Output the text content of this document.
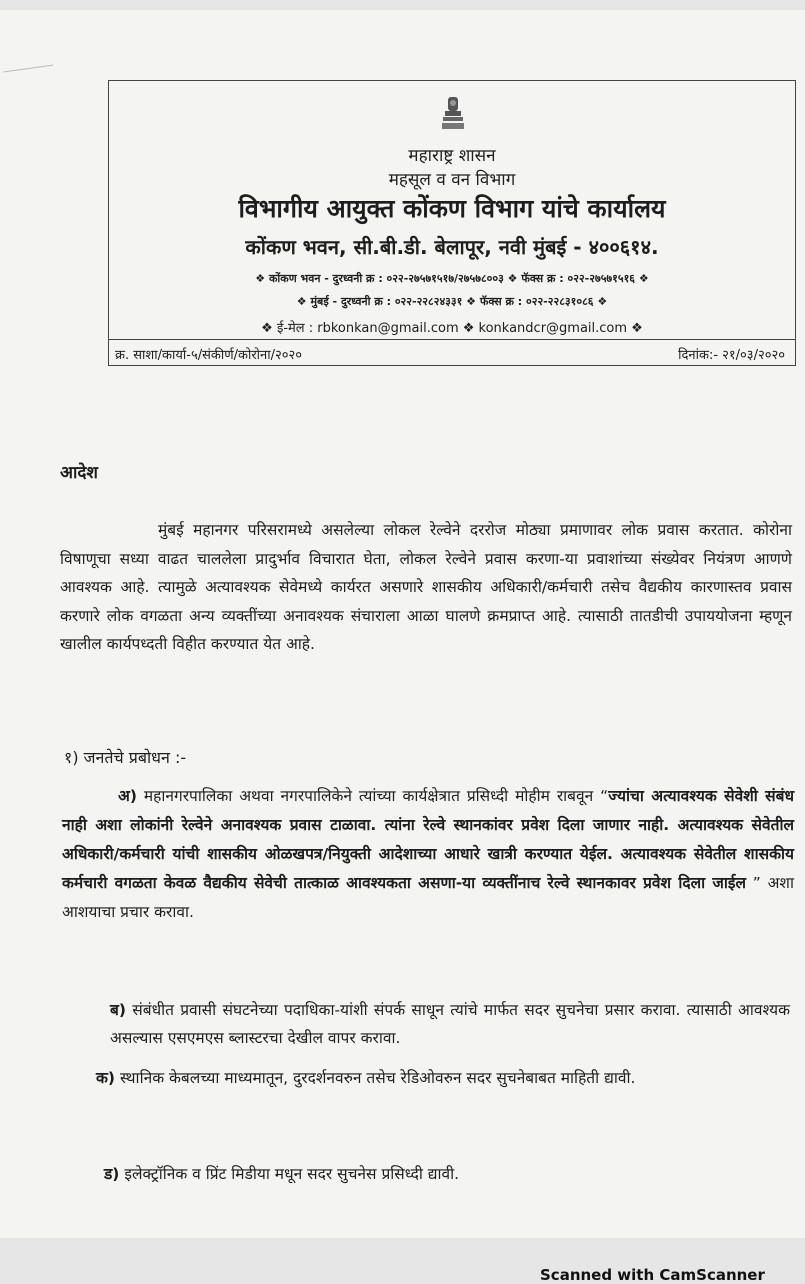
महाराष्ट्र शासन
महसूल व वन विभाग
विभागीय आयुक्त कोंकण विभाग यांचे कार्यालय
कोंकण भवन, सी.बी.डी. बेलापूर, नवी मुंबई - ४००६१४.
❖ कोंकण भवन - दुरध्वनी क्र : ०२२-२७५७१५१७/२७५७८००३ ❖ फॅक्स क्र : ०२२-२७५७१५१६ ❖
❖ मुंबई - दुरध्वनी क्र : ०२२-२२८२४३३१ ❖ फॅक्स क्र : ०२२-२२८३१०८६ ❖
❖ ई-मेल : rbkonkan@gmail.com ❖ konkandcr@gmail.com ❖
क्र. साशा/कार्या-५/संकीर्ण/कोरोना/२०२०	दिनांक:- २१/०३/२०२०
आदेश
मुंबई महानगर परिसरामध्ये असलेल्या लोकल रेल्वेने दररोज मोठ्या प्रमाणावर लोक प्रवास करतात. कोरोना विषाणूचा सध्या वाढत चाललेला प्रादुर्भाव विचारात घेता, लोकल रेल्वेने प्रवास करणा-या प्रवाशांच्या संख्येवर नियंत्रण आणणे आवश्यक आहे. त्यामुळे अत्यावश्यक सेवेमध्ये कार्यरत असणारे शासकीय अधिकारी/कर्मचारी तसेच वैद्यकीय कारणास्तव प्रवास करणारे लोक वगळता अन्य व्यक्तींच्या अनावश्यक संचाराला आळा घालणे क्रमप्राप्त आहे. त्यासाठी तातडीची उपाययोजना म्हणून खालील कार्यपध्दती विहीत करण्यात येत आहे.
१) जनतेचे प्रबोधन :-
अ) महानगरपालिका अथवा नगरपालिकेने त्यांच्या कार्यक्षेत्रात प्रसिध्दी मोहीम राबवून “ज्यांचा अत्यावश्यक सेवेशी संबंध नाही अशा लोकांनी रेल्वेने अनावश्यक प्रवास टाळावा. त्यांना रेल्वे स्थानकांवर प्रवेश दिला जाणार नाही. अत्यावश्यक सेवेतील अधिकारी/कर्मचारी यांची शासकीय ओळखपत्र/नियुक्ती आदेशाच्या आधारे खात्री करण्यात येईल. अत्यावश्यक सेवेतील शासकीय कर्मचारी वगळता केवळ वैद्यकीय सेवेची तात्काळ आवश्यकता असणा-या व्यक्तींनाच रेल्वे स्थानकावर प्रवेश दिला जाईल ” अशा आशयाचा प्रचार करावा.
ब) संबंधीत प्रवासी संघटनेच्या पदाधिका-यांशी संपर्क साधून त्यांचे मार्फत सदर सुचनेचा प्रसार करावा. त्यासाठी आवश्यक असल्यास एसएमएस ब्लास्टरचा देखील वापर करावा.
क) स्थानिक केबलच्या माध्यमातून, दुरदर्शनवरुन तसेच रेडिओवरुन सदर सुचनेबाबत माहिती द्यावी.
ड) इलेक्ट्रॉनिक व प्रिंट मिडीया मधून सदर सुचनेस प्रसिध्दी द्यावी.
Scanned with CamScanner
